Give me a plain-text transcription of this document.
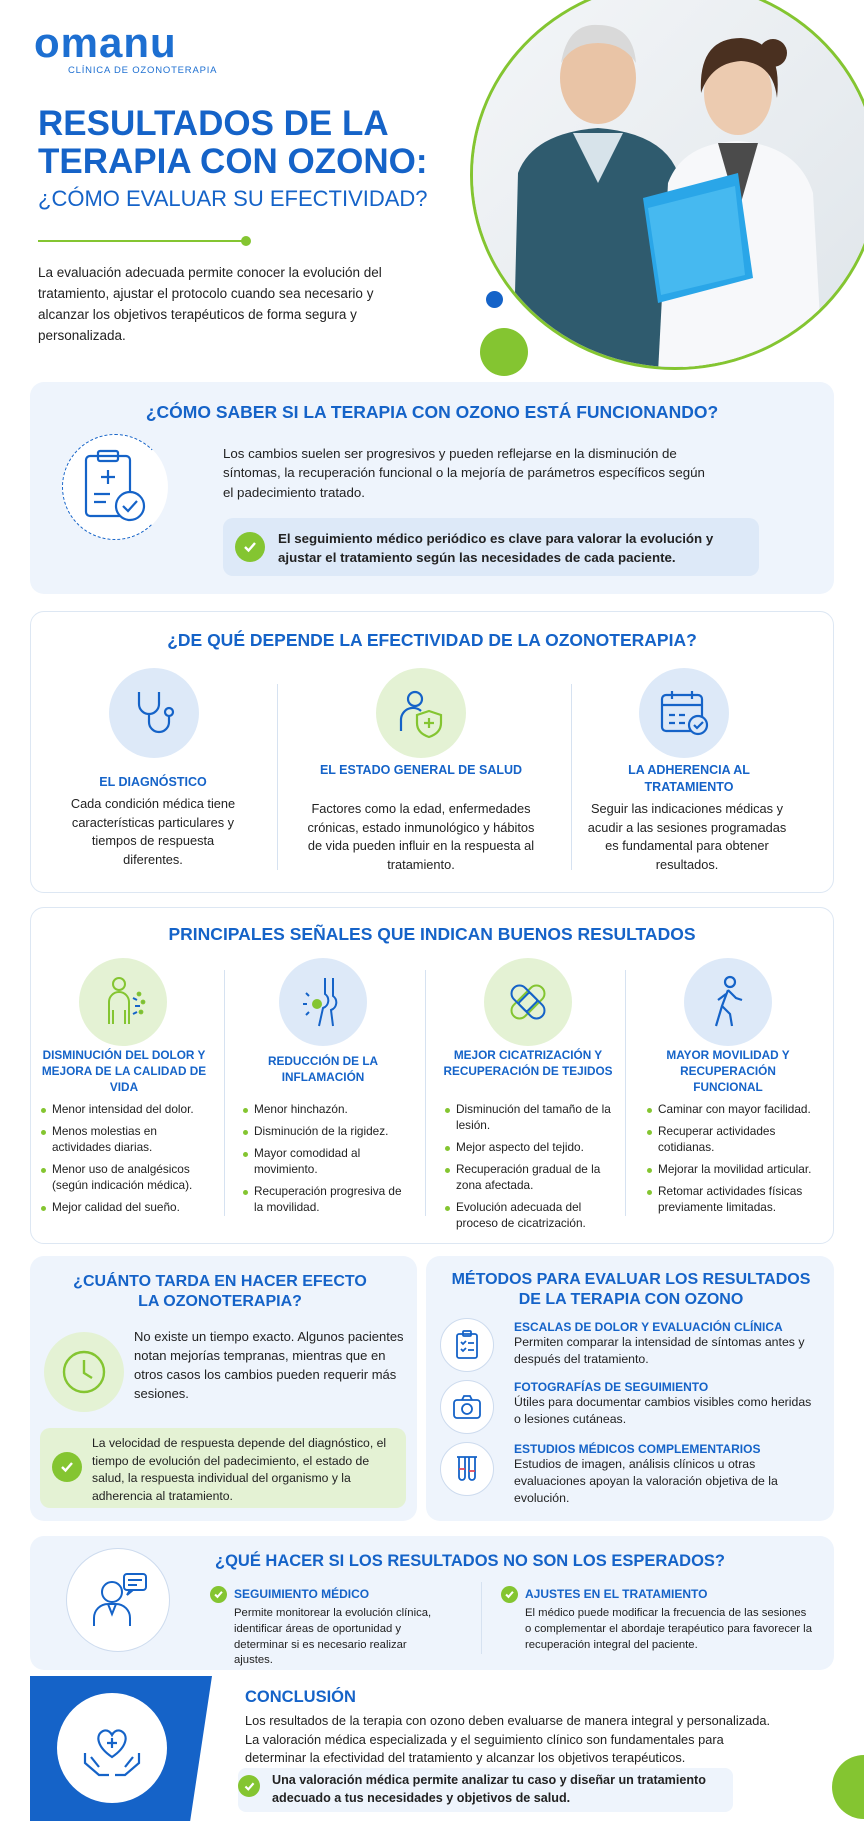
omanu
CLÍNICA DE OZONOTERAPIA
RESULTADOS DE LA
TERAPIA CON OZONO:
¿CÓMO EVALUAR SU EFECTIVIDAD?
La evaluación adecuada permite conocer la evolución del tratamiento, ajustar el protocolo cuando sea necesario y alcanzar los objetivos terapéuticos de forma segura y personalizada.
¿CÓMO SABER SI LA TERAPIA CON OZONO ESTÁ FUNCIONANDO?
Los cambios suelen ser progresivos y pueden reflejarse en la disminución de síntomas, la recuperación funcional o la mejoría de parámetros específicos según el padecimiento tratado.
El seguimiento médico periódico es clave para valorar la evolución y ajustar el tratamiento según las necesidades de cada paciente.
¿DE QUÉ DEPENDE LA EFECTIVIDAD DE LA OZONOTERAPIA?
EL DIAGNÓSTICO
Cada condición médica tiene características particulares y tiempos de respuesta diferentes.
EL ESTADO GENERAL DE SALUD
Factores como la edad, enfermedades crónicas, estado inmunológico y hábitos de vida pueden influir en la respuesta al tratamiento.
LA ADHERENCIA AL TRATAMIENTO
Seguir las indicaciones médicas y acudir a las sesiones programadas es fundamental para obtener resultados.
PRINCIPALES SEÑALES QUE INDICAN BUENOS RESULTADOS
DISMINUCIÓN DEL DOLOR Y MEJORA DE LA CALIDAD DE VIDA
Menor intensidad del dolor.
Menos molestias en actividades diarias.
Menor uso de analgésicos (según indicación médica).
Mejor calidad del sueño.
REDUCCIÓN DE LA INFLAMACIÓN
Menor hinchazón.
Disminución de la rigidez.
Mayor comodidad al movimiento.
Recuperación progresiva de la movilidad.
MEJOR CICATRIZACIÓN Y RECUPERACIÓN DE TEJIDOS
Disminución del tamaño de la lesión.
Mejor aspecto del tejido.
Recuperación gradual de la zona afectada.
Evolución adecuada del proceso de cicatrización.
MAYOR MOVILIDAD Y RECUPERACIÓN FUNCIONAL
Caminar con mayor facilidad.
Recuperar actividades cotidianas.
Mejorar la movilidad articular.
Retomar actividades físicas previamente limitadas.
¿CUÁNTO TARDA EN HACER EFECTO LA OZONOTERAPIA?
No existe un tiempo exacto. Algunos pacientes notan mejorías tempranas, mientras que en otros casos los cambios pueden requerir más sesiones.
La velocidad de respuesta depende del diagnóstico, el tiempo de evolución del padecimiento, el estado de salud, la respuesta individual del organismo y la adherencia al tratamiento.
MÉTODOS PARA EVALUAR LOS RESULTADOS DE LA TERAPIA CON OZONO
ESCALAS DE DOLOR Y EVALUACIÓN CLÍNICA
Permiten comparar la intensidad de síntomas antes y después del tratamiento.
FOTOGRAFÍAS DE SEGUIMIENTO
Útiles para documentar cambios visibles como heridas o lesiones cutáneas.
ESTUDIOS MÉDICOS COMPLEMENTARIOS
Estudios de imagen, análisis clínicos u otras evaluaciones apoyan la valoración objetiva de la evolución.
¿QUÉ HACER SI LOS RESULTADOS NO SON LOS ESPERADOS?
SEGUIMIENTO MÉDICO
Permite monitorear la evolución clínica, identificar áreas de oportunidad y determinar si es necesario realizar ajustes.
AJUSTES EN EL TRATAMIENTO
El médico puede modificar la frecuencia de las sesiones o complementar el abordaje terapéutico para favorecer la recuperación integral del paciente.
CONCLUSIÓN
Los resultados de la terapia con ozono deben evaluarse de manera integral y personalizada. La valoración médica especializada y el seguimiento clínico son fundamentales para determinar la efectividad del tratamiento y alcanzar los objetivos terapéuticos.
Una valoración médica permite analizar tu caso y diseñar un tratamiento adecuado a tus necesidades y objetivos de salud.
